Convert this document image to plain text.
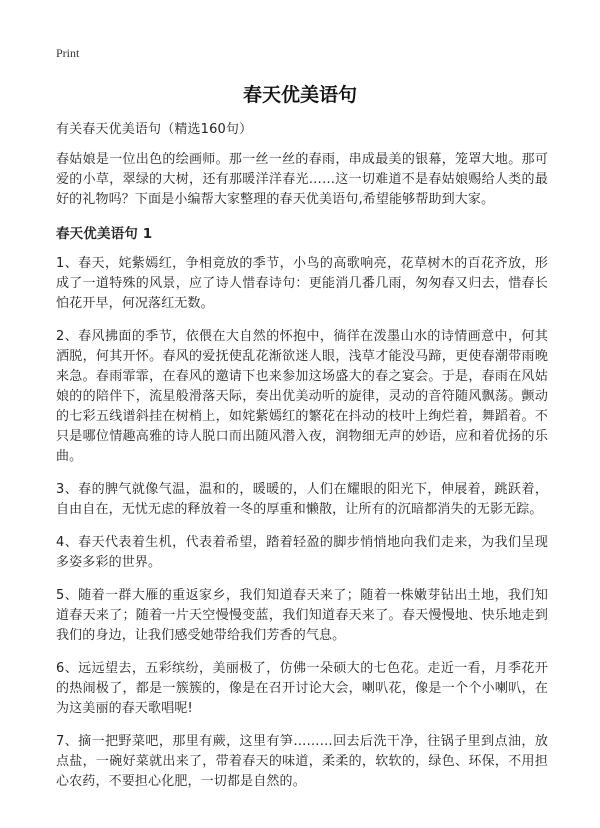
Print
春天优美语句

有关春天优美语句（精选160句）

春姑娘是一位出色的绘画师。那一丝一丝的春雨，串成最美的银幕，笼罩大地。那可爱的小草，翠绿的大树，还有那暖洋洋春光……这一切难道不是春姑娘赐给人类的最好的礼物吗？下面是小编帮大家整理的春天优美语句,希望能够帮助到大家。

春天优美语句 1

1、春天，姹紫嫣红，争相竟放的季节，小鸟的高歌响亮，花草树木的百花齐放，形成了一道特殊的风景，应了诗人惜春诗句：更能消几番几雨，匆匆春又归去，惜春长怕花开早，何况落红无数。

2、春风拂面的季节，依偎在大自然的怀抱中，徜徉在泼墨山水的诗情画意中，何其洒脱，何其开怀。春风的爱抚使乱花渐欲迷人眼，浅草才能没马蹄，更使春潮带雨晚来急。春雨霏霏，在春风的邀请下也来参加这场盛大的春之宴会。于是，春雨在风姑娘的的陪伴下，流星般滑落天际，奏出优美动听的旋律，灵动的音符随风飘荡。颤动的七彩五线谱斜挂在树梢上，如姹紫嫣红的繁花在抖动的枝叶上绚烂着，舞蹈着。不只是哪位情趣高雅的诗人脱口而出随风潜入夜，润物细无声的妙语，应和着优扬的乐曲。

3、春的脾气就像气温，温和的，暖暖的，人们在耀眼的阳光下，伸展着，跳跃着，自由自在，无忧无虑的释放着一冬的厚重和懒散，让所有的沉暗都消失的无影无踪。

4、春天代表着生机，代表着希望，踏着轻盈的脚步悄悄地向我们走来，为我们呈现多姿多彩的世界。

5、随着一群大雁的重返家乡，我们知道春天来了；随着一株嫩芽钻出土地，我们知道春天来了；随着一片天空慢慢变蓝，我们知道春天来了。春天慢慢地、快乐地走到我们的身边，让我们感受她带给我们芳香的气息。

6、远远望去，五彩缤纷，美丽极了，仿佛一朵硕大的七色花。走近一看，月季花开的热闹极了，都是一簇簇的，像是在召开讨论大会，喇叭花，像是一个个小喇叭，在为这美丽的春天歌唱呢!

7、摘一把野菜吧，那里有蕨，这里有笋………回去后洗干净，往锅子里到点油，放点盐，一碗好菜就出来了，带着春天的味道，柔柔的，软软的，绿色、环保，不用担心农药，不要担心化肥，一切都是自然的。
